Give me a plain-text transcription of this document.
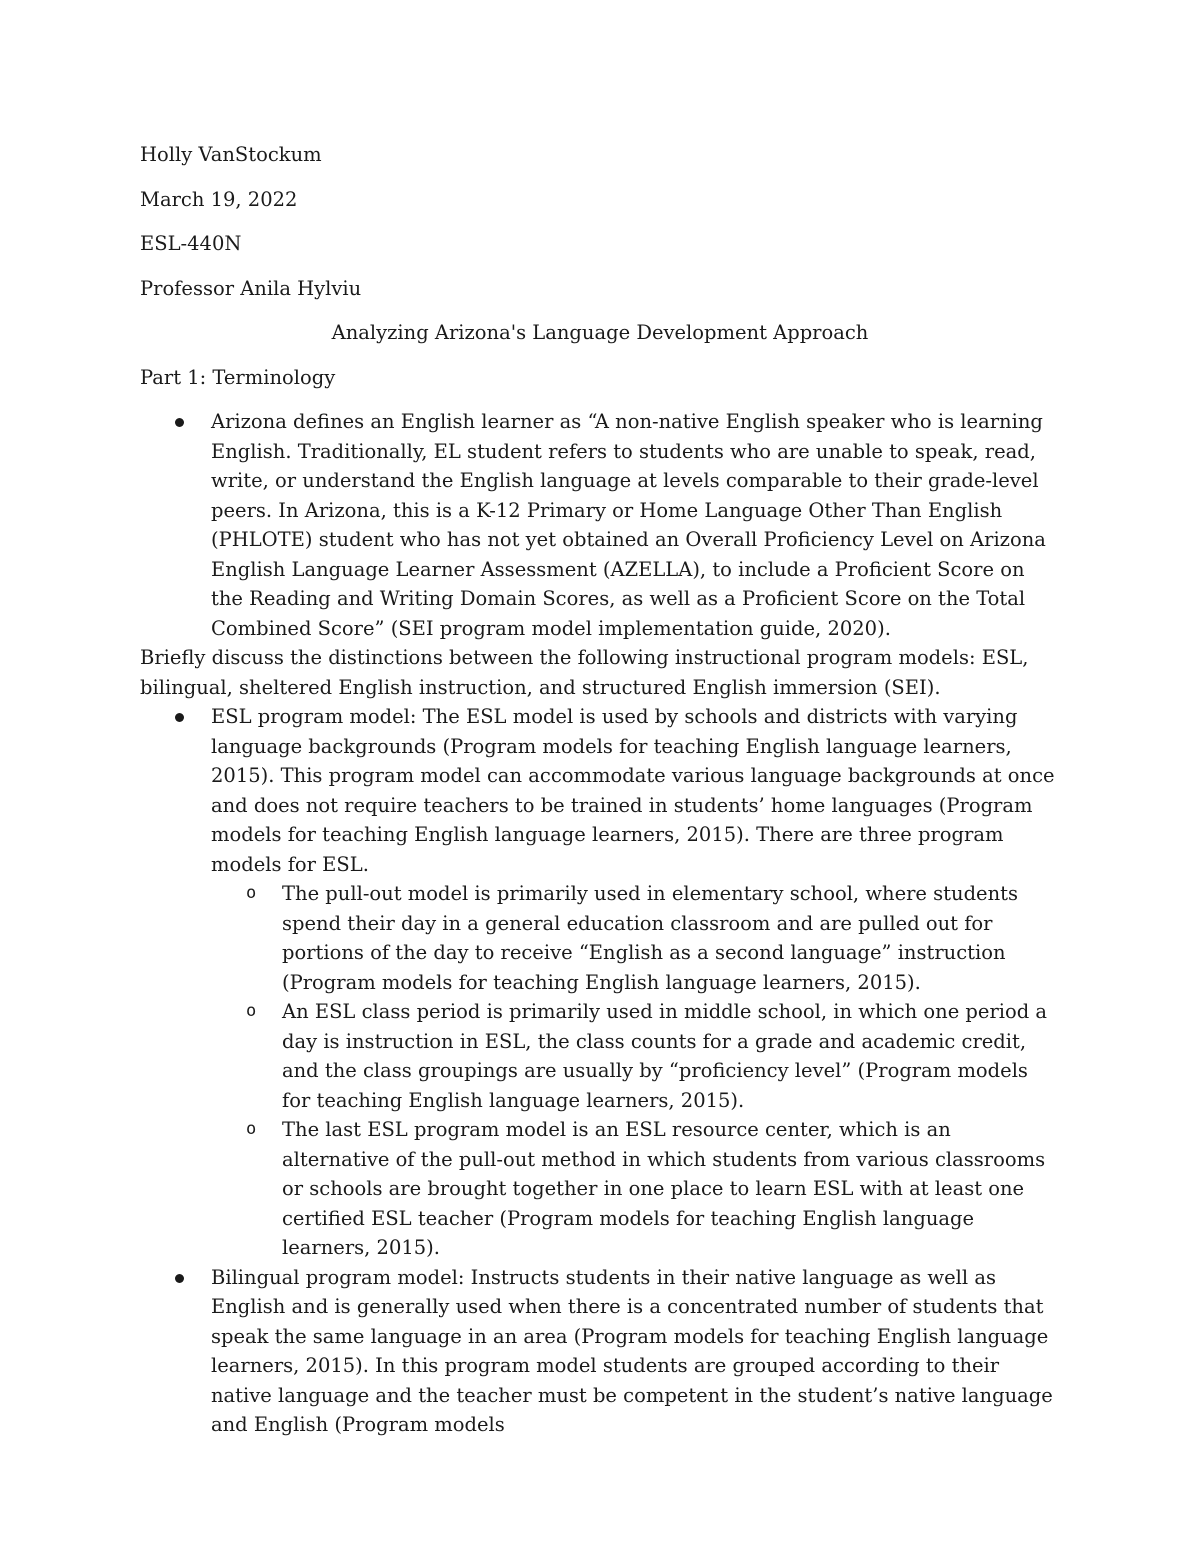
Holly VanStockum

March 19, 2022

ESL-440N

Professor Anila Hylviu

Analyzing Arizona's Language Development Approach

Part 1: Terminology

Arizona defines an English learner as “A non-native English speaker who is learning English. Traditionally, EL student refers to students who are unable to speak, read, write, or understand the English language at levels comparable to their grade-level peers. In Arizona, this is a K-12 Primary or Home Language Other Than English (PHLOTE) student who has not yet obtained an Overall Proficiency Level on Arizona English Language Learner Assessment (AZELLA), to include a Proficient Score on the Reading and Writing Domain Scores, as well as a Proficient Score on the Total Combined Score” (SEI program model implementation guide, 2020).

Briefly discuss the distinctions between the following instructional program models: ESL, bilingual, sheltered English instruction, and structured English immersion (SEI).

ESL program model: The ESL model is used by schools and districts with varying language backgrounds (Program models for teaching English language learners, 2015). This program model can accommodate various language backgrounds at once and does not require teachers to be trained in students’ home languages (Program models for teaching English language learners, 2015). There are three program models for ESL.
o The pull-out model is primarily used in elementary school, where students spend their day in a general education classroom and are pulled out for portions of the day to receive “English as a second language” instruction (Program models for teaching English language learners, 2015).
o An ESL class period is primarily used in middle school, in which one period a day is instruction in ESL, the class counts for a grade and academic credit, and the class groupings are usually by “proficiency level” (Program models for teaching English language learners, 2015).
o The last ESL program model is an ESL resource center, which is an alternative of the pull-out method in which students from various classrooms or schools are brought together in one place to learn ESL with at least one certified ESL teacher (Program models for teaching English language learners, 2015).
Bilingual program model: Instructs students in their native language as well as English and is generally used when there is a concentrated number of students that speak the same language in an area (Program models for teaching English language learners, 2015). In this program model students are grouped according to their native language and the teacher must be competent in the student’s native language and English (Program models
